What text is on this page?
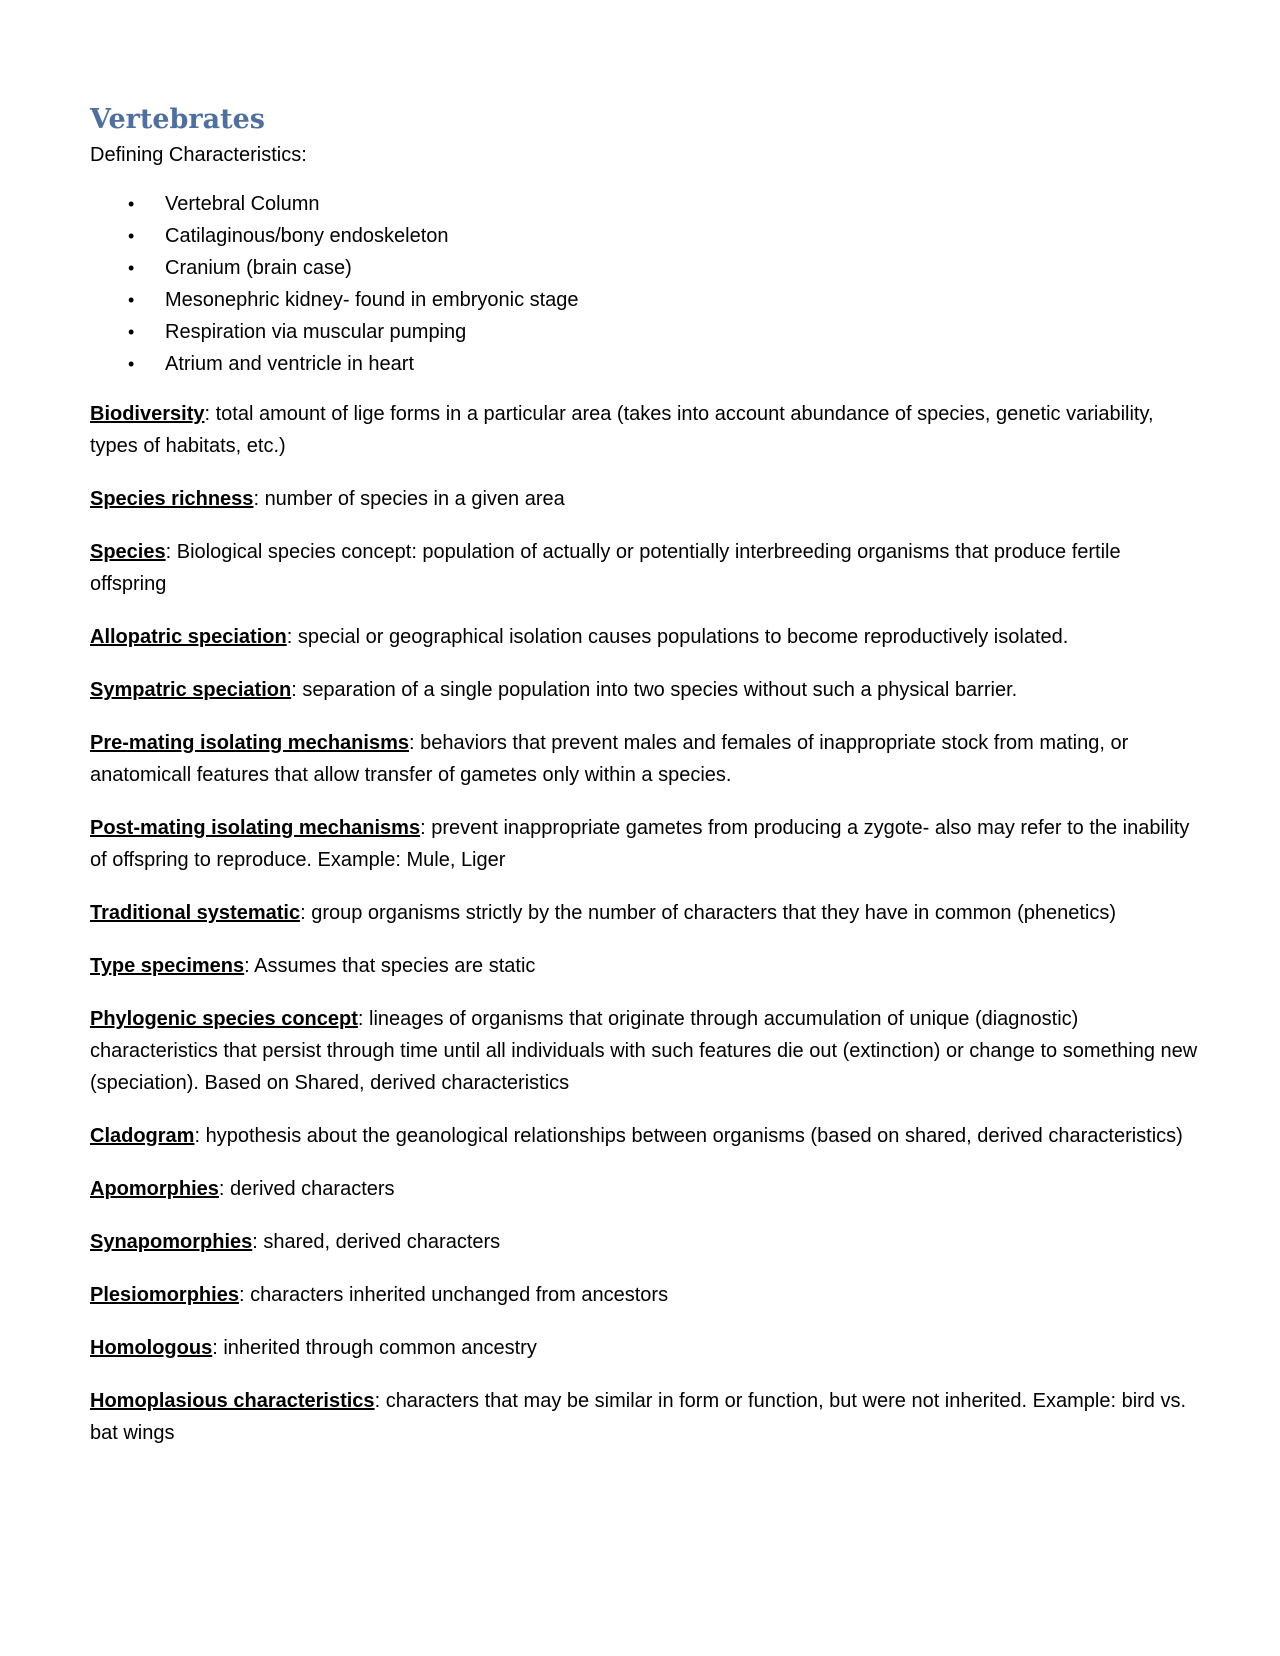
Vertebrates

Defining Characteristics:

• Vertebral Column
• Catilaginous/bony endoskeleton
• Cranium (brain case)
• Mesonephric kidney- found in embryonic stage
• Respiration via muscular pumping
• Atrium and ventricle in heart

Biodiversity: total amount of lige forms in a particular area (takes into account abundance of species, genetic variability, types of habitats, etc.)

Species richness: number of species in a given area

Species: Biological species concept: population of actually or potentially interbreeding organisms that produce fertile offspring

Allopatric speciation: special or geographical isolation causes populations to become reproductively isolated.

Sympatric speciation: separation of a single population into two species without such a physical barrier.

Pre-mating isolating mechanisms: behaviors that prevent males and females of inappropriate stock from mating, or anatomicall features that allow transfer of gametes only within a species.

Post-mating isolating mechanisms: prevent inappropriate gametes from producing a zygote- also may refer to the inability of offspring to reproduce. Example: Mule, Liger

Traditional systematic: group organisms strictly by the number of characters that they have in common (phenetics)

Type specimens: Assumes that species are static

Phylogenic species concept: lineages of organisms that originate through accumulation of unique (diagnostic) characteristics that persist through time until all individuals with such features die out (extinction) or change to something new (speciation). Based on Shared, derived characteristics

Cladogram: hypothesis about the geanological relationships between organisms (based on shared, derived characteristics)

Apomorphies: derived characters

Synapomorphies: shared, derived characters

Plesiomorphies: characters inherited unchanged from ancestors

Homologous: inherited through common ancestry

Homoplasious characteristics: characters that may be similar in form or function, but were not inherited. Example: bird vs. bat wings
